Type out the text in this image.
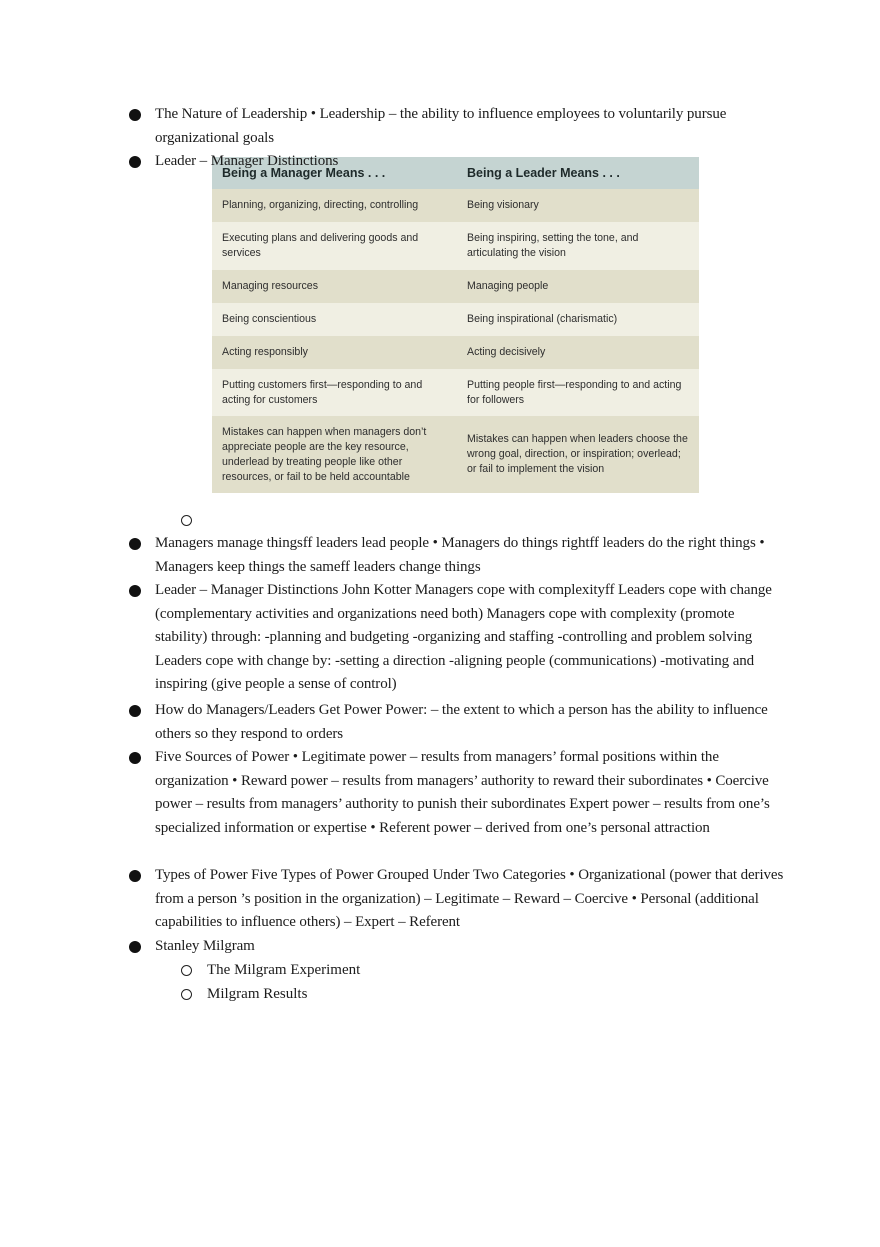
The Nature of Leadership • Leadership – the ability to influence employees to voluntarily pursue organizational goals
Leader – Manager Distinctions
Being a Manager Means . . .	Being a Leader Means . . .
Planning, organizing, directing, controlling	Being visionary
Executing plans and delivering goods and services	Being inspiring, setting the tone, and articulating the vision
Managing resources	Managing people
Being conscientious	Being inspirational (charismatic)
Acting responsibly	Acting decisively
Putting customers first—responding to and acting for customers	Putting people first—responding to and acting for followers
Mistakes can happen when managers don’t appreciate people are the key resource, underlead by treating people like other resources, or fail to be held accountable	Mistakes can happen when leaders choose the wrong goal, direction, or inspiration; overlead; or fail to implement the vision
Managers manage thingsff leaders lead people • Managers do things rightff leaders do the right things • Managers keep things the sameff leaders change things
Leader – Manager Distinctions John Kotter Managers cope with complexityff Leaders cope with change (complementary activities and organizations need both) Managers cope with complexity (promote stability) through: -planning and budgeting -organizing and staffing -controlling and problem solving Leaders cope with change by: -setting a direction -aligning people (communications) -motivating and inspiring (give people a sense of control)
How do Managers/Leaders Get Power Power: – the extent to which a person has the ability to influence others so they respond to orders
Five Sources of Power • Legitimate power – results from managers’ formal positions within the organization • Reward power – results from managers’ authority to reward their subordinates • Coercive power – results from managers’ authority to punish their subordinates Expert power – results from one’s specialized information or expertise • Referent power – derived from one’s personal attraction
Types of Power Five Types of Power Grouped Under Two Categories • Organizational (power that derives from a person ’s position in the organization) – Legitimate – Reward – Coercive • Personal (additional capabilities to influence others) – Expert – Referent
Stanley Milgram
The Milgram Experiment
Milgram Results
